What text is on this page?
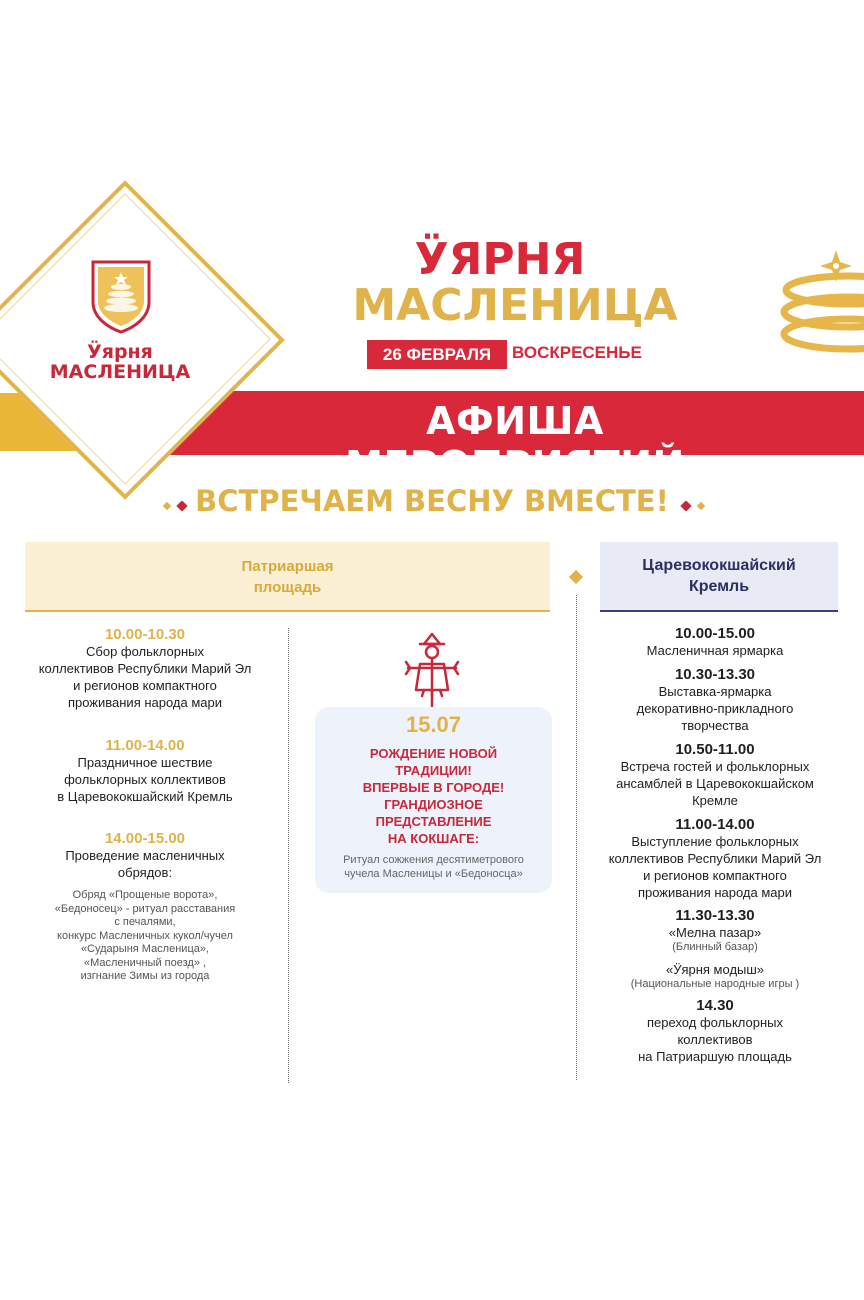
Ӱярня
МАСЛЕНИЦА
ӰЯРНЯ
МАСЛЕНИЦА
26 ФЕВРАЛЯ	ВОСКРЕСЕНЬЕ
АФИША МЕРОПРИЯТИЙ
ВСТРЕЧАЕМ ВЕСНУ ВМЕСТЕ!
Патриаршая
площадь
Царевококшайский
Кремль
10.00-10.30
Сбор фольклорных
коллективов Республики Марий Эл
и регионов компактного
проживания народа мари
11.00-14.00
Праздничное шествие
фольклорных коллективов
в Царевококшайский Кремль
14.00-15.00
Проведение масленичных
обрядов:
Обряд «Прощеные ворота»,
«Бедоносец» - ритуал расставания
с печалями,
конкурс Масленичных кукол/чучел
«Сударыня Масленица»,
«Масленичный поезд» ,
изгнание Зимы из города
15.07
РОЖДЕНИЕ НОВОЙ
ТРАДИЦИИ!
ВПЕРВЫЕ В ГОРОДЕ!
ГРАНДИОЗНОЕ
ПРЕДСТАВЛЕНИЕ
НА КОКШАГЕ:
Ритуал сожжения десятиметрового
чучела Масленицы и «Бедоносца»
10.00-15.00
Масленичная ярмарка
10.30-13.30
Выставка-ярмарка
декоративно-прикладного
творчества
10.50-11.00
Встреча гостей и фольклорных
ансамблей в Царевококшайском
Кремле
11.00-14.00
Выступление фольклорных
коллективов Республики Марий Эл
и регионов компактного
проживания народа мари
11.30-13.30
«Мелна пазар»
(Блинный базар)
«Ӱярня модыш»
(Национальные народные игры )
14.30
переход фольклорных
коллективов
на Патриаршую площадь
